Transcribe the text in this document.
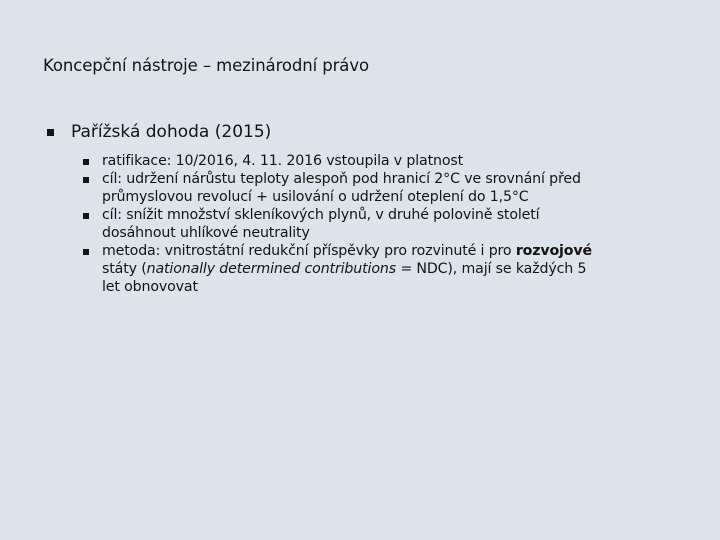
Koncepční nástroje – mezinárodní právo
Pařížská dohoda (2015)
ratifikace: 10/2016, 4. 11. 2016 vstoupila v platnost
cíl: udržení nárůstu teploty alespoň pod hranicí 2°C ve srovnání před
průmyslovou revolucí + usilování o udržení oteplení do 1,5°C
cíl: snížit množství skleníkových plynů, v druhé polovině století
dosáhnout uhlíkové neutrality
metoda: vnitrostátní redukční příspěvky pro rozvinuté i pro rozvojové
státy (nationally determined contributions = NDC), mají se každých 5
let obnovovat
